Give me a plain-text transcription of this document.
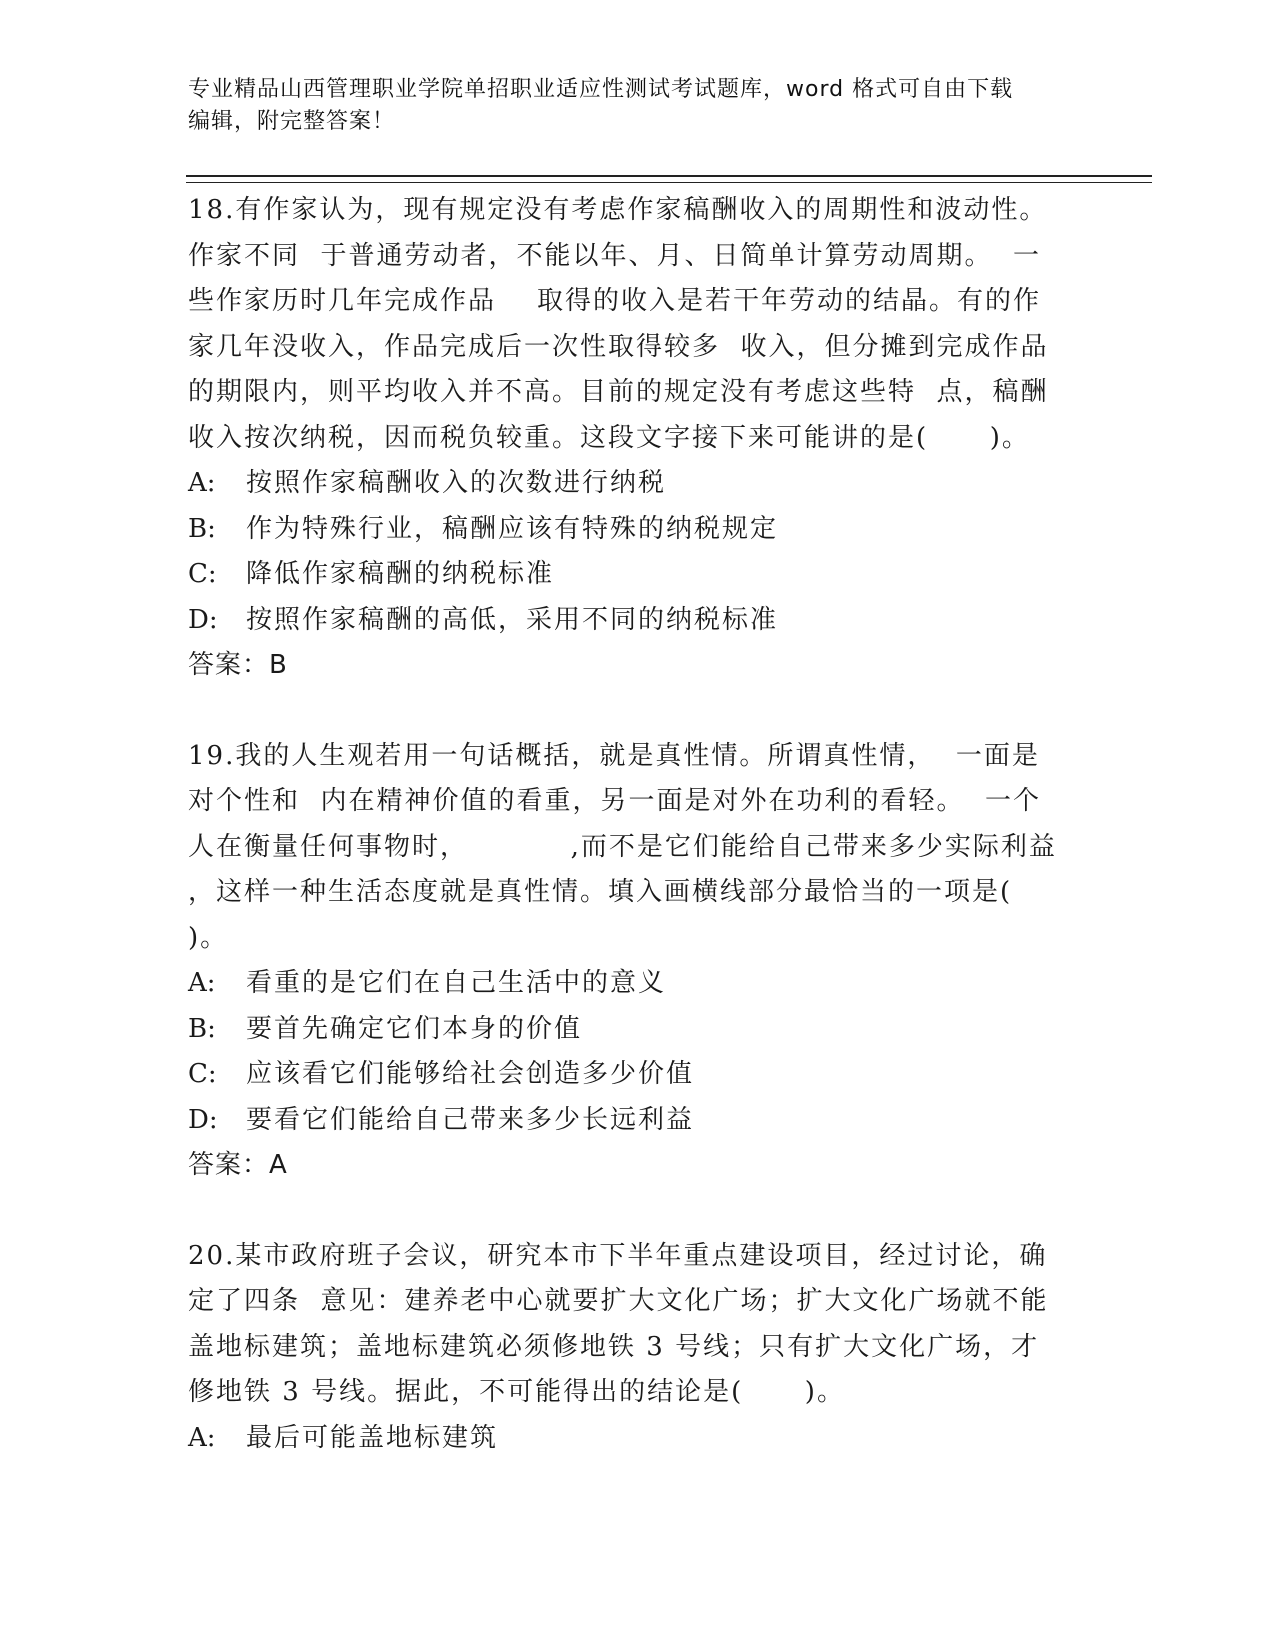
专业精品山西管理职业学院单招职业适应性测试考试题库，word 格式可自由下载
编辑，附完整答案！
18.有作家认为，现有规定没有考虑作家稿酬收入的周期性和波动性。
作家不同  于普通劳动者，不能以年、月、日简单计算劳动周期。  一
些作家历时几年完成作品    取得的收入是若干年劳动的结晶。有的作
家几年没收入，作品完成后一次性取得较多  收入，但分摊到完成作品
的期限内，则平均收入并不高。目前的规定没有考虑这些特  点，稿酬
收入按次纳税，因而税负较重。这段文字接下来可能讲的是(      )。
A: 按照作家稿酬收入的次数进行纳税
B: 作为特殊行业，稿酬应该有特殊的纳税规定
C: 降低作家稿酬的纳税标准
D: 按照作家稿酬的高低，采用不同的纳税标准
答案：B
19.我的人生观若用一句话概括，就是真性情。所谓真性情，  一面是
对个性和  内在精神价值的看重，另一面是对外在功利的看轻。  一个
人在衡量任何事物时，          ,而不是它们能给自己带来多少实际利益
，这样一种生活态度就是真性情。填入画横线部分最恰当的一项是(
)。
A: 看重的是它们在自己生活中的意义
B: 要首先确定它们本身的价值
C: 应该看它们能够给社会创造多少价值
D: 要看它们能给自己带来多少长远利益
答案：A
20.某市政府班子会议，研究本市下半年重点建设项目，经过讨论，确
定了四条  意见：建养老中心就要扩大文化广场；扩大文化广场就不能
盖地标建筑；盖地标建筑必须修地铁 3 号线；只有扩大文化广场，才
修地铁 3 号线。据此，不可能得出的结论是(      )。
A: 最后可能盖地标建筑
